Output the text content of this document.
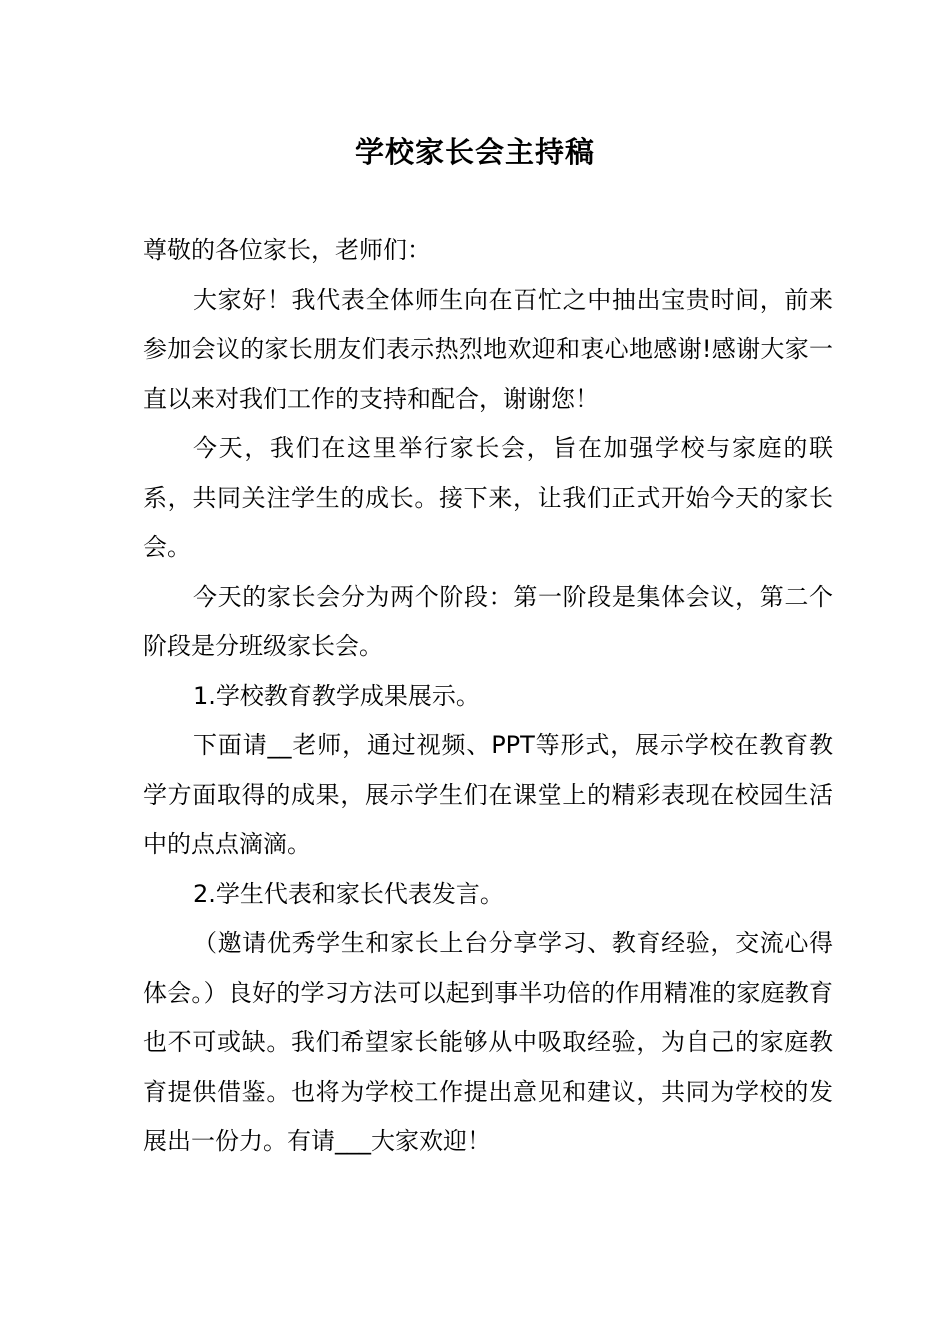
学校家长会主持稿

尊敬的各位家长，老师们：

大家好！我代表全体师生向在百忙之中抽出宝贵时间，前来参加会议的家长朋友们表示热烈地欢迎和衷心地感谢!感谢大家一直以来对我们工作的支持和配合，谢谢您！

今天，我们在这里举行家长会，旨在加强学校与家庭的联系，共同关注学生的成长。接下来，让我们正式开始今天的家长会。

今天的家长会分为两个阶段：第一阶段是集体会议，第二个阶段是分班级家长会。

1.学校教育教学成果展示。

下面请__老师，通过视频、PPT等形式，展示学校在教育教学方面取得的成果，展示学生们在课堂上的精彩表现在校园生活中的点点滴滴。

2.学生代表和家长代表发言。

（邀请优秀学生和家长上台分享学习、教育经验，交流心得体会。）良好的学习方法可以起到事半功倍的作用精准的家庭教育也不可或缺。我们希望家长能够从中吸取经验，为自己的家庭教育提供借鉴。也将为学校工作提出意见和建议，共同为学校的发展出一份力。有请___大家欢迎！
